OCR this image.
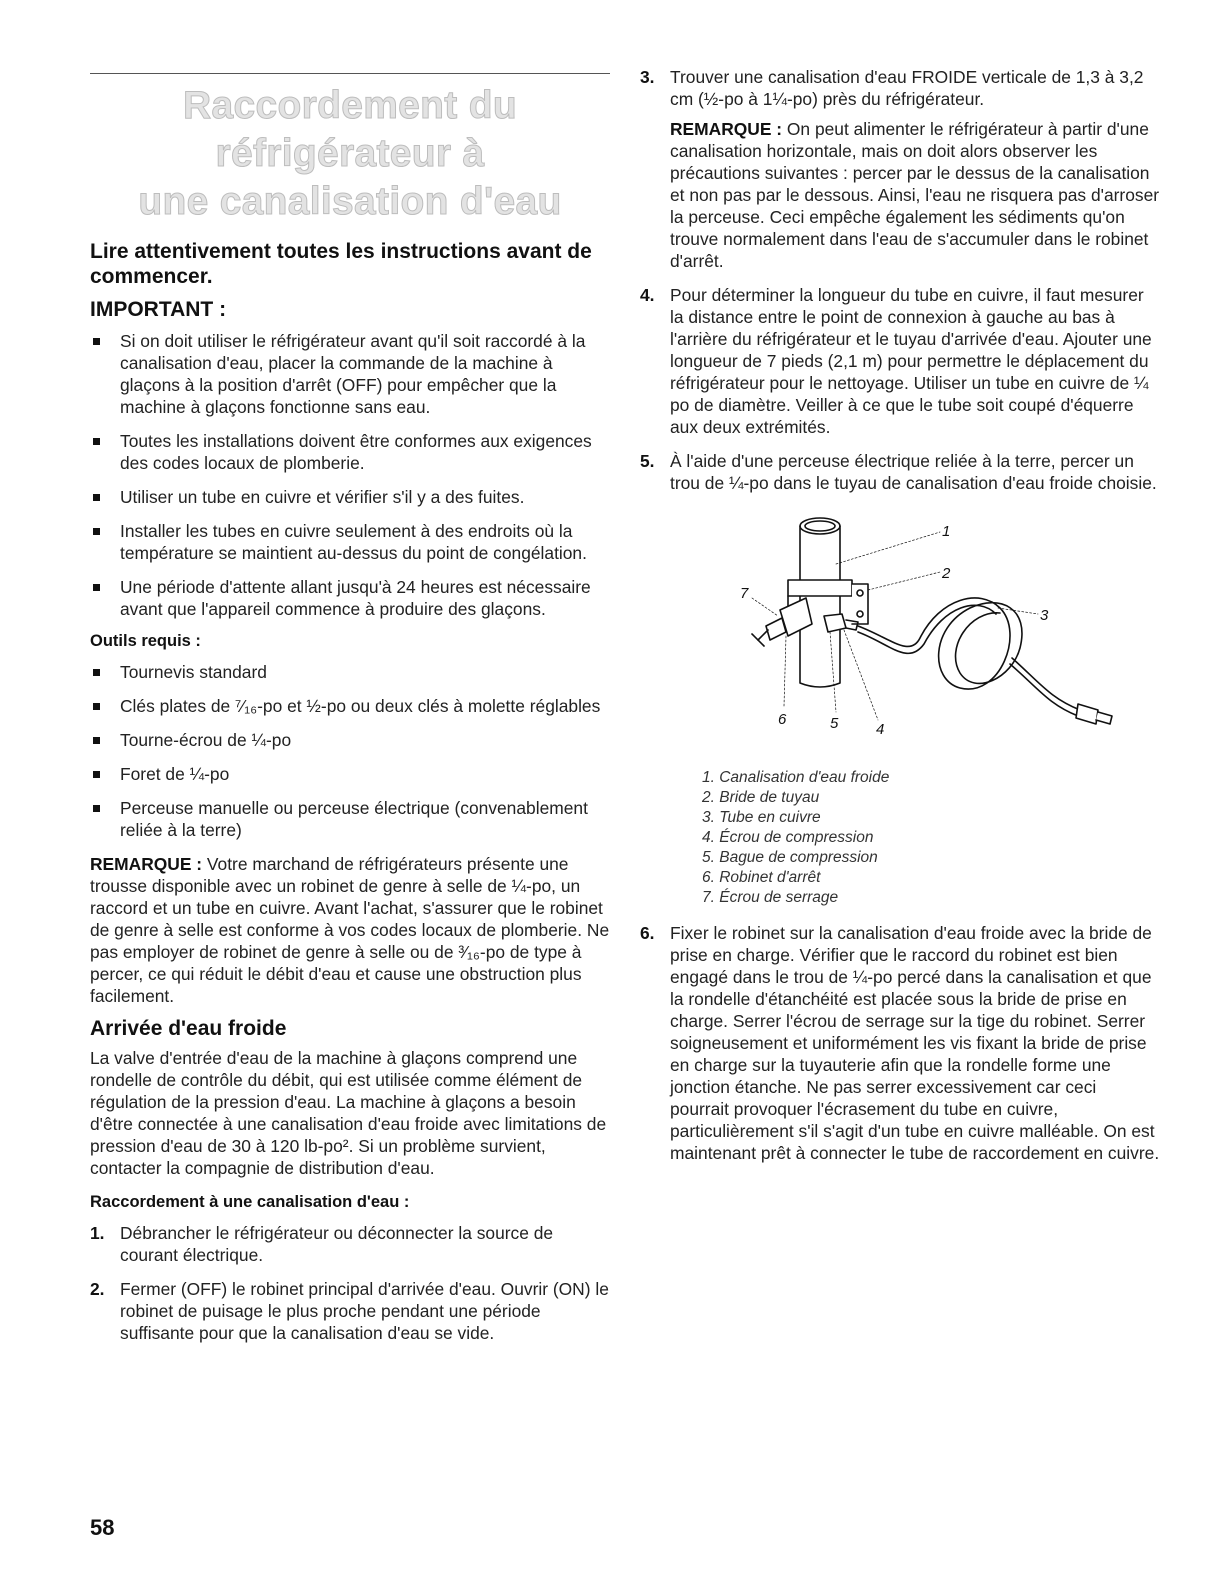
Raccordement du réfrigérateur à
une canalisation d'eau
Lire attentivement toutes les instructions avant de commencer.
IMPORTANT :
Si on doit utiliser le réfrigérateur avant qu'il soit raccordé à la canalisation d'eau, placer la commande de la machine à glaçons à la position d'arrêt (OFF) pour empêcher que la machine à glaçons fonctionne sans eau.
Toutes les installations doivent être conformes aux exigences des codes locaux de plomberie.
Utiliser un tube en cuivre et vérifier s'il y a des fuites.
Installer les tubes en cuivre seulement à des endroits où la température se maintient au-dessus du point de congélation.
Une période d'attente allant jusqu'à 24 heures est nécessaire avant que l'appareil commence à produire des glaçons.
Outils requis :
Tournevis standard
Clés plates de ⁷⁄₁₆-po et ½-po ou deux clés à molette réglables
Tourne-écrou de ¼-po
Foret de ¼-po
Perceuse manuelle ou perceuse électrique (convenablement reliée à la terre)

REMARQUE : Votre marchand de réfrigérateurs présente une trousse disponible avec un robinet de genre à selle de ¼-po, un raccord et un tube en cuivre. Avant l'achat, s'assurer que le robinet de genre à selle est conforme à vos codes locaux de plomberie. Ne pas employer de robinet de genre à selle ou de ³⁄₁₆-po de type à percer, ce qui réduit le débit d'eau et cause une obstruction plus facilement.

Arrivée d'eau froide

La valve d'entrée d'eau de la machine à glaçons comprend une rondelle de contrôle du débit, qui est utilisée comme élément de régulation de la pression d'eau. La machine à glaçons a besoin d'être connectée à une canalisation d'eau froide avec limitations de pression d'eau de 30 à 120 lb-po². Si un problème survient, contacter la compagnie de distribution d'eau.

Raccordement à une canalisation d'eau :
1. Débrancher le réfrigérateur ou déconnecter la source de courant électrique.
2. Fermer (OFF) le robinet principal d'arrivée d'eau. Ouvrir (ON) le robinet de puisage le plus proche pendant une période suffisante pour que la canalisation d'eau se vide.
3. Trouver une canalisation d'eau FROIDE verticale de 1,3 à 3,2 cm (½-po à 1¼-po) près du réfrigérateur.

REMARQUE : On peut alimenter le réfrigérateur à partir d'une canalisation horizontale, mais on doit alors observer les précautions suivantes : percer par le dessus de la canalisation et non pas par le dessous. Ainsi, l'eau ne risquera pas d'arroser la perceuse. Ceci empêche également les sédiments qu'on trouve normalement dans l'eau de s'accumuler dans le robinet d'arrêt.

4. Pour déterminer la longueur du tube en cuivre, il faut mesurer la distance entre le point de connexion à gauche au bas à l'arrière du réfrigérateur et le tuyau d'arrivée d'eau. Ajouter une longueur de 7 pieds (2,1 m) pour permettre le déplacement du réfrigérateur pour le nettoyage. Utiliser un tube en cuivre de ¼ po de diamètre. Veiller à ce que le tube soit coupé d'équerre aux deux extrémités.
5. À l'aide d'une perceuse électrique reliée à la terre, percer un trou de ¼-po dans le tuyau de canalisation d'eau froide choisie.
1
2
3
4
5
6
7
1. Canalisation d'eau froide
2. Bride de tuyau
3. Tube en cuivre
4. Écrou de compression
5. Bague de compression
6. Robinet d'arrêt
7. Écrou de serrage
6. Fixer le robinet sur la canalisation d'eau froide avec la bride de prise en charge. Vérifier que le raccord du robinet est bien engagé dans le trou de ¼-po percé dans la canalisation et que la rondelle d'étanchéité est placée sous la bride de prise en charge. Serrer l'écrou de serrage sur la tige du robinet. Serrer soigneusement et uniformément les vis fixant la bride de prise en charge sur la tuyauterie afin que la rondelle forme une jonction étanche. Ne pas serrer excessivement car ceci pourrait provoquer l'écrasement du tube en cuivre, particulièrement s'il s'agit d'un tube en cuivre malléable. On est maintenant prêt à connecter le tube de raccordement en cuivre.
58
